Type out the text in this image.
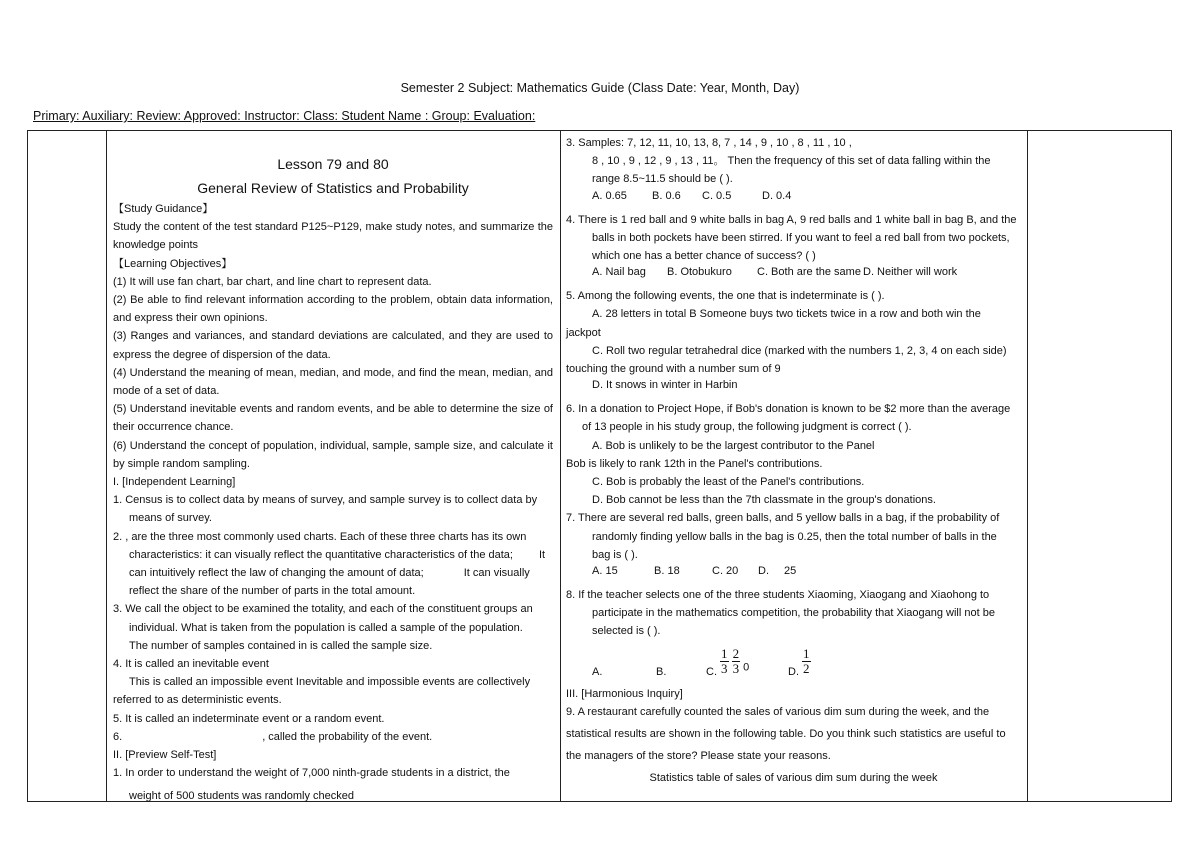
Semester 2 Subject: Mathematics Guide (Class Date: Year, Month, Day)
Primary: Auxiliary: Review: Approved: Instructor: Class: Student Name : Group: Evaluation:

Lesson 79 and 80

General Review of Statistics and Probability

【Study Guidance】

Study the content of the test standard P125~P129, make study notes, and summarize the knowledge points

【Learning Objectives】

(1) It will use fan chart, bar chart, and line chart to represent data.

(2) Be able to find relevant information according to the problem, obtain data information, and express their own opinions.

(3) Ranges and variances, and standard deviations are calculated, and they are used to express the degree of dispersion of the data.

(4) Understand the meaning of mean, median, and mode, and find the mean, median, and mode of a set of data.

(5) Understand inevitable events and random events, and be able to determine the size of their occurrence chance.

(6) Understand the concept of population, individual, sample, sample size, and calculate it by simple random sampling.

I. [Independent Learning]

1. Census is to collect data by means of survey, and sample survey is to collect data by

means of survey.

2. , are the three most commonly used charts. Each of these three charts has its own

characteristics: it can visually reflect the quantitative characteristics of the data; It

can intuitively reflect the law of changing the amount of data;	It can visually

reflect the share of the number of parts in the total amount.

3. We call the object to be examined the totality, and each of the constituent groups an

individual. What is taken from the population is called a sample of the population.

The number of samples contained in is called the sample size.

4. It is called an inevitable event

This is called an impossible event Inevitable and impossible events are collectively

referred to as deterministic events.

5. It is called an indeterminate event or a random event.

6.	, called the probability of the event.

II. [Preview Self-Test]

1. In order to understand the weight of 7,000 ninth-grade students in a district, the

weight of 500 students was randomly checked

3. Samples: 7, 12, 11, 10, 13, 8, 7 , 14 , 9 , 10 , 8 , 11 , 10 ,

8 , 10 , 9 , 12 , 9 , 13 , 11。 Then the frequency of this set of data falling within the

range 8.5~11.5 should be ( ).

A. 0.65 B. 0.6 C. 0.5	D. 0.4

4. There is 1 red ball and 9 white balls in bag A, 9 red balls and 1 white ball in bag B, and the

balls in both pockets have been stirred. If you want to feel a red ball from two pockets,

which one has a better chance of success? ( )

A. Nail bag B. Otobukuro C. Both are the same D. Neither will work

5. Among the following events, the one that is indeterminate is ( ).

A. 28 letters in total B Someone buys two tickets twice in a row and both win the

jackpot

C. Roll two regular tetrahedral dice (marked with the numbers 1, 2, 3, 4 on each side)

touching the ground with a number sum of 9

D. It snows in winter in Harbin

6. In a donation to Project Hope, if Bob's donation is known to be $2 more than the average

of 13 people in his study group, the following judgment is correct ( ).

A. Bob is unlikely to be the largest contributor to the Panel

Bob is likely to rank 12th in the Panel's contributions.

C. Bob is probably the least of the Panel's contributions.

D. Bob cannot be less than the 7th classmate in the group's donations.

7. There are several red balls, green balls, and 5 yellow balls in a bag, if the probability of

randomly finding yellow balls in the bag is 0.25, then the total number of balls in the

bag is ( ).

A. 15	B. 18	C. 20 D. 25

8. If the teacher selects one of the three students Xiaoming, Xiaogang and Xiaohong to

participate in the mathematics competition, the probability that Xiaogang will not be

selected is ( ).

A.	B.	C. $\frac{1}{3}$
$\frac{2}{3} 0$	D. $\frac{1}{2}$

III. [Harmonious Inquiry]

9. A restaurant carefully counted the sales of various dim sum during the week, and the

statistical results are shown in the following table. Do you think such statistics are useful to

the managers of the store? Please state your reasons.

Statistics table of sales of various dim sum during the week
